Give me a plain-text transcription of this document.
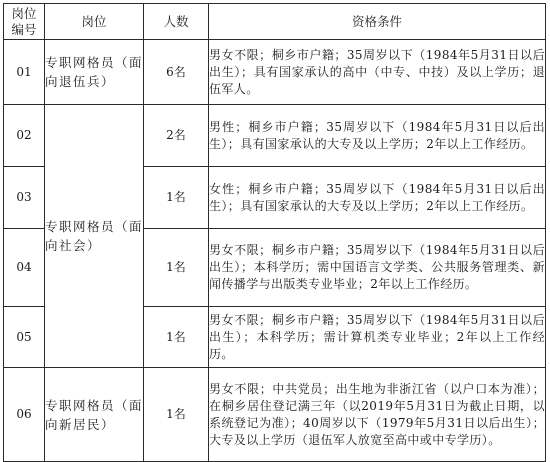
岗位编号	岗位	人数	资格条件

01	专职网格员（面向退伍兵）	6名	男女不限；桐乡市户籍；35周岁以下（1984年5月31日以后出生）；具有国家承认的高中（中专、中技）及以上学历；退伍军人。
02	专职网格员（面向社会）	2名	男性；桐乡市户籍；35周岁以下（1984年5月31日以后出生）；具有国家承认的大专及以上学历；2年以上工作经历。
03		1名	女性；桐乡市户籍；35周岁以下（1984年5月31日以后出生）；具有国家承认的大专及以上学历；2年以上工作经历。
04		1名	男女不限；桐乡市户籍；35周岁以下（1984年5月31日以后出生）；本科学历；需中国语言文学类、公共服务管理类、新闻传播学与出版类专业毕业；2年以上工作经历。
05		1名	男女不限；桐乡市户籍；35周岁以下（1984年5月31日以后出生）；本科学历；需计算机类专业毕业；2年以上工作经历。
06	专职网格员（面向新居民）	1名	男女不限；中共党员；出生地为非浙江省（以户口本为准）；在桐乡居住登记满三年（以2019年5月31日为截止日期，以系统登记为准）；40周岁以下（1979年5月31日以后出生）；大专及以上学历（退伍军人放宽至高中或中专学历）。
